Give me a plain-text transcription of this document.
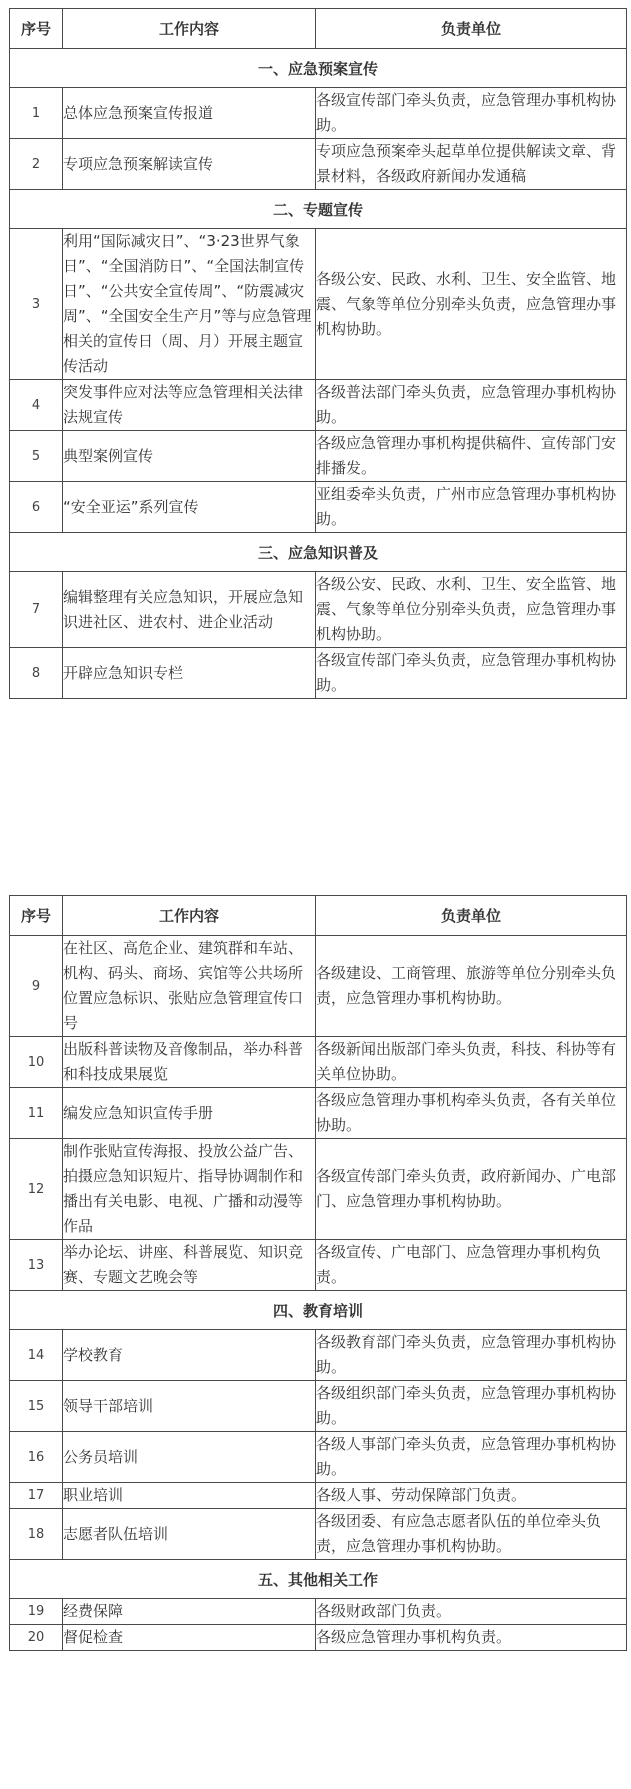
序号	工作内容	负责单位
一、应急预案宣传		
1	总体应急预案宣传报道	各级宣传部门牵头负责，应急管理办事机构协助。
2	专项应急预案解读宣传	专项应急预案牵头起草单位提供解读文章、背景材料，各级政府新闻办发通稿
二、专题宣传		
3	利用“国际减灾日”、“3·23世界气象日”、“全国消防日”、“全国法制宣传日”、“公共安全宣传周”、“防震减灾周”、“全国安全生产月”等与应急管理相关的宣传日（周、月）开展主题宣传活动	各级公安、民政、水利、卫生、安全监管、地震、气象等单位分别牵头负责，应急管理办事机构协助。
4	突发事件应对法等应急管理相关法律法规宣传	各级普法部门牵头负责，应急管理办事机构协助。
5	典型案例宣传	各级应急管理办事机构提供稿件、宣传部门安排播发。
6	“安全亚运”系列宣传	亚组委牵头负责，广州市应急管理办事机构协助。
三、应急知识普及		
7	编辑整理有关应急知识，开展应急知识进社区、进农村、进企业活动	各级公安、民政、水利、卫生、安全监管、地震、气象等单位分别牵头负责，应急管理办事机构协助。
8	开辟应急知识专栏	各级宣传部门牵头负责，应急管理办事机构协助。
序号	工作内容	负责单位
9	在社区、高危企业、建筑群和车站、机构、码头、商场、宾馆等公共场所位置应急标识、张贴应急管理宣传口号	各级建设、工商管理、旅游等单位分别牵头负责，应急管理办事机构协助。
10	出版科普读物及音像制品，举办科普和科技成果展览	各级新闻出版部门牵头负责，科技、科协等有关单位协助。
11	编发应急知识宣传手册	各级应急管理办事机构牵头负责，各有关单位协助。
12	制作张贴宣传海报、投放公益广告、拍摄应急知识短片、指导协调制作和播出有关电影、电视、广播和动漫等作品	各级宣传部门牵头负责，政府新闻办、广电部门、应急管理办事机构协助。
13	举办论坛、讲座、科普展览、知识竞赛、专题文艺晚会等	各级宣传、广电部门、应急管理办事机构负责。
四、教育培训		
14	学校教育	各级教育部门牵头负责，应急管理办事机构协助。
15	领导干部培训	各级组织部门牵头负责，应急管理办事机构协助。
16	公务员培训	各级人事部门牵头负责，应急管理办事机构协助。
17	职业培训	各级人事、劳动保障部门负责。
18	志愿者队伍培训	各级团委、有应急志愿者队伍的单位牵头负责，应急管理办事机构协助。
五、其他相关工作		
19	经费保障	各级财政部门负责。
20	督促检查	各级应急管理办事机构负责。
